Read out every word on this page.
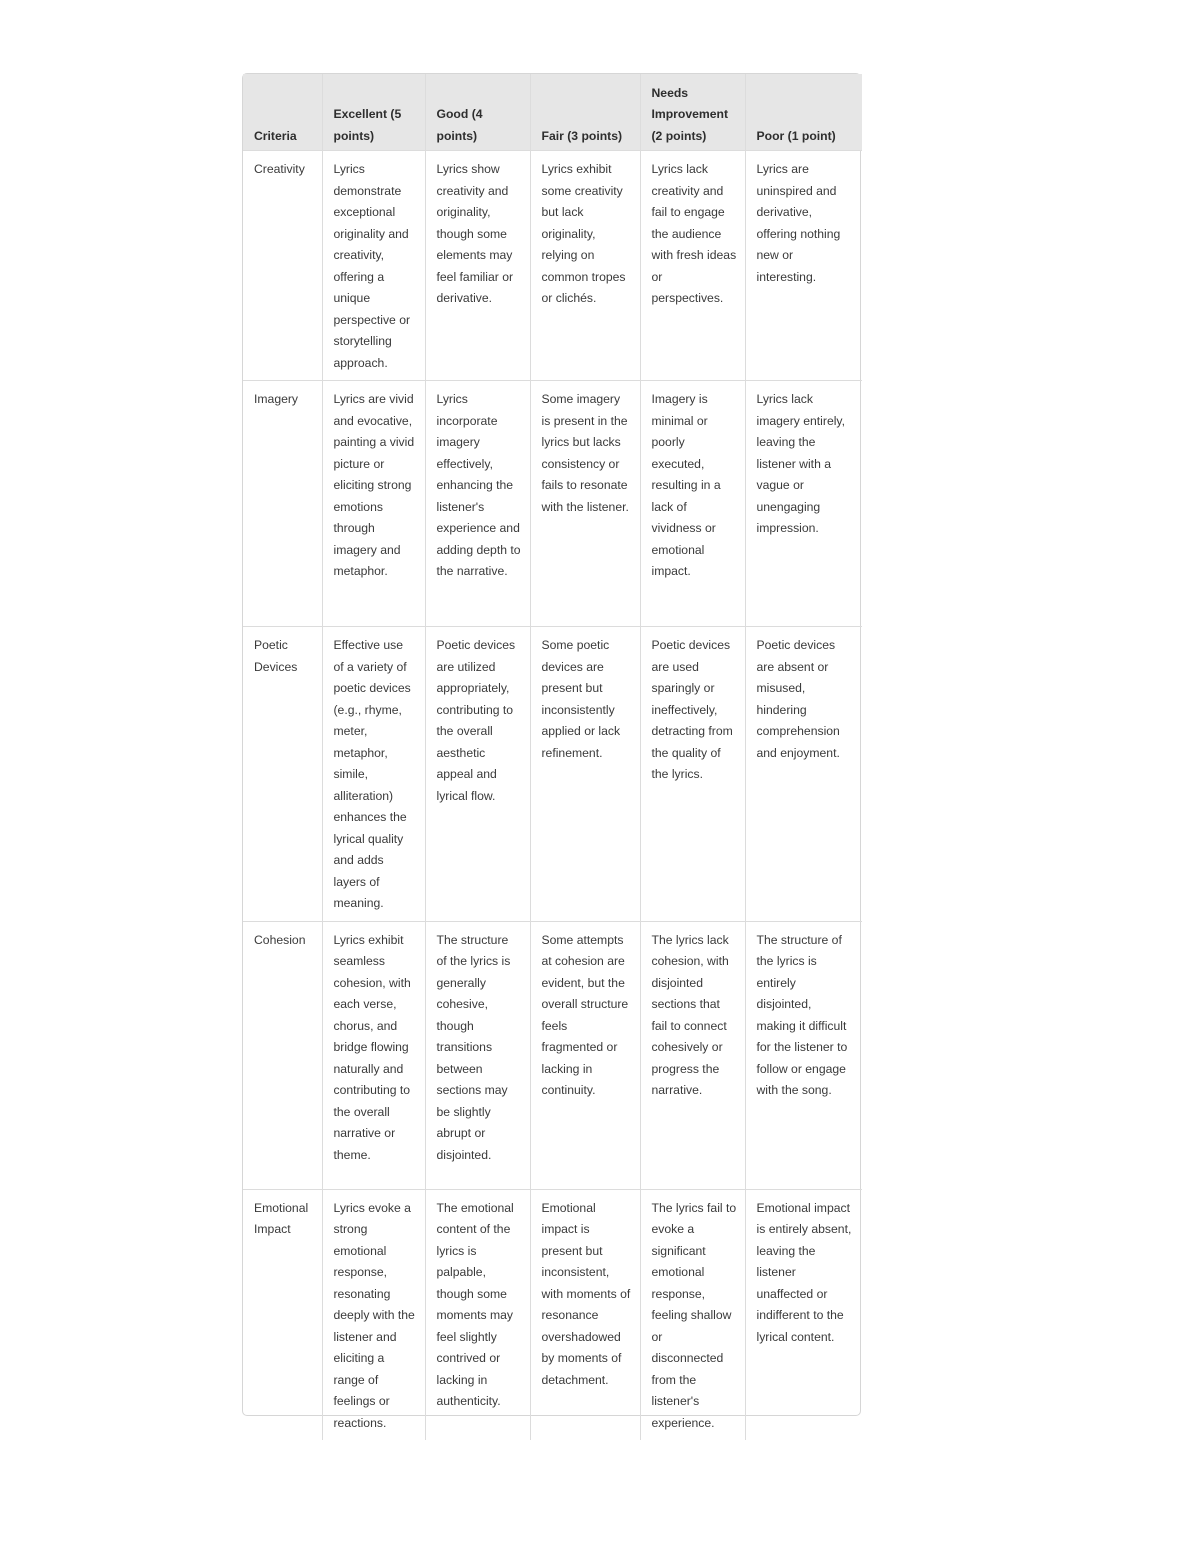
Criteria	Excellent (5 points)	Good (4 points)	Fair (3 points)	Needs Improvement (2 points)	Poor (1 point)
Creativity	Lyrics demonstrate exceptional originality and creativity, offering a unique perspective or storytelling approach.	Lyrics show creativity and originality, though some elements may feel familiar or derivative.	Lyrics exhibit some creativity but lack originality, relying on common tropes or clichés.	Lyrics lack creativity and fail to engage the audience with fresh ideas or perspectives.	Lyrics are uninspired and derivative, offering nothing new or interesting.
Imagery	Lyrics are vivid and evocative, painting a vivid picture or eliciting strong emotions through imagery and metaphor.	Lyrics incorporate imagery effectively, enhancing the listener's experience and adding depth to the narrative.	Some imagery is present in the lyrics but lacks consistency or fails to resonate with the listener.	Imagery is minimal or poorly executed, resulting in a lack of vividness or emotional impact.	Lyrics lack imagery entirely, leaving the listener with a vague or unengaging impression.
Poetic Devices	Effective use of a variety of poetic devices (e.g., rhyme, meter, metaphor, simile, alliteration) enhances the lyrical quality and adds layers of meaning.	Poetic devices are utilized appropriately, contributing to the overall aesthetic appeal and lyrical flow.	Some poetic devices are present but inconsistently applied or lack refinement.	Poetic devices are used sparingly or ineffectively, detracting from the quality of the lyrics.	Poetic devices are absent or misused, hindering comprehension and enjoyment.
Cohesion	Lyrics exhibit seamless cohesion, with each verse, chorus, and bridge flowing naturally and contributing to the overall narrative or theme.	The structure of the lyrics is generally cohesive, though transitions between sections may be slightly abrupt or disjointed.	Some attempts at cohesion are evident, but the overall structure feels fragmented or lacking in continuity.	The lyrics lack cohesion, with disjointed sections that fail to connect cohesively or progress the narrative.	The structure of the lyrics is entirely disjointed, making it difficult for the listener to follow or engage with the song.
Emotional Impact	Lyrics evoke a strong emotional response, resonating deeply with the listener and eliciting a range of feelings or reactions.	The emotional content of the lyrics is palpable, though some moments may feel slightly contrived or lacking in authenticity.	Emotional impact is present but inconsistent, with moments of resonance overshadowed by moments of detachment.	The lyrics fail to evoke a significant emotional response, feeling shallow or disconnected from the listener's experience.	Emotional impact is entirely absent, leaving the listener unaffected or indifferent to the lyrical content.
